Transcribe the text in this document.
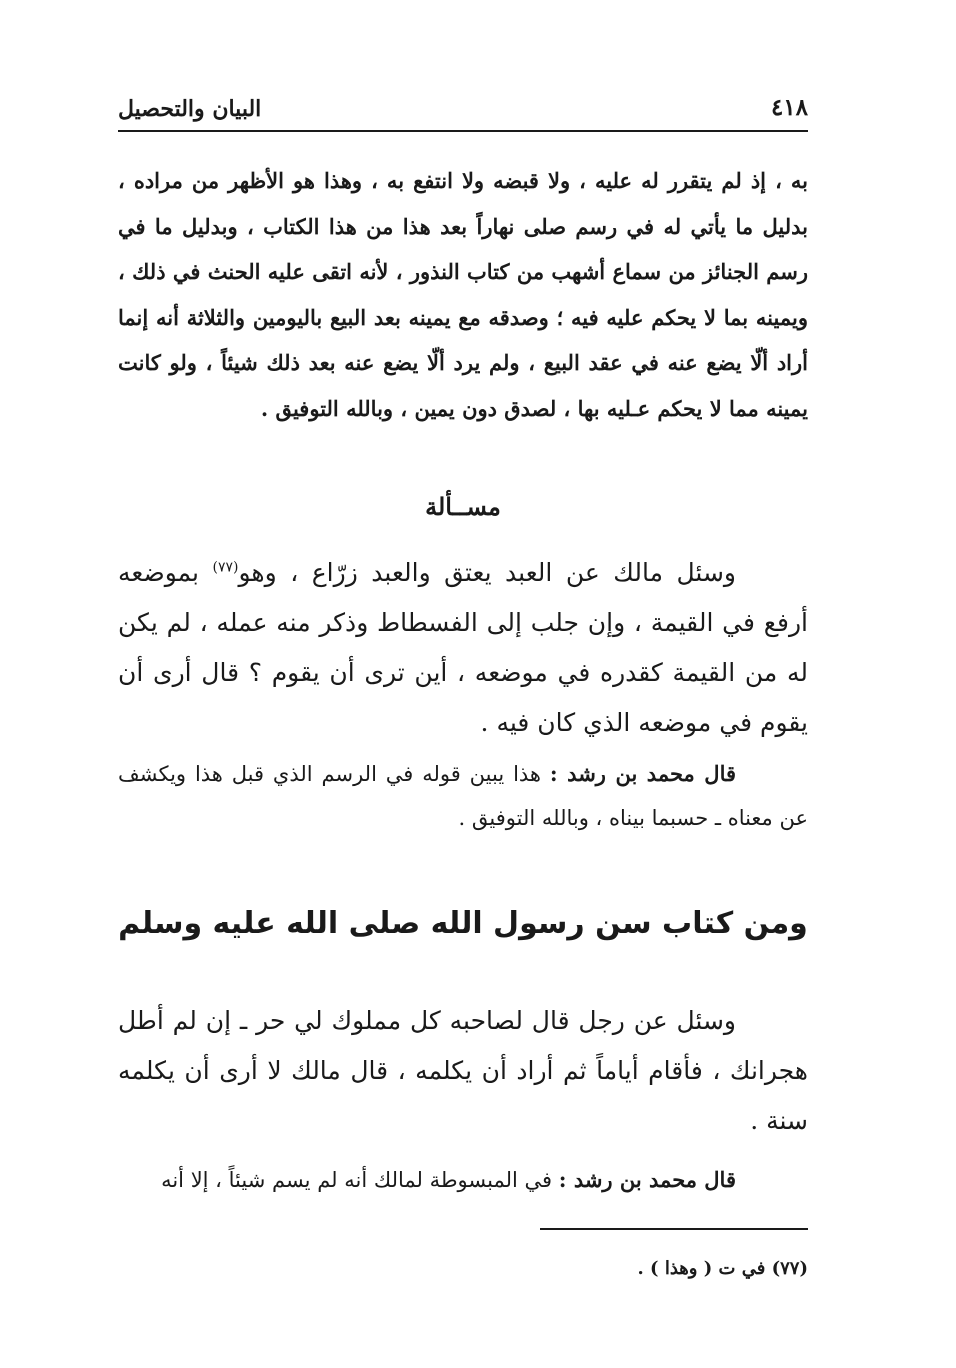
البيان والتحصيل	٤١٨
به ، إذ لم يتقرر له عليه ، ولا قبضه ولا انتفع به ، وهذا هو الأظهر من مراده ، بدليل ما يأتي له في رسم صلى نهاراً بعد هذا من هذا الكتاب ، وبدليل ما في رسم الجنائز من سماع أشهب من كتاب النذور ، لأنه اتقى عليه الحنث في ذلك ، ويمينه بما لا يحكم عليه فيه ؛ وصدقه مع يمينه بعد البيع باليومين والثلاثة أنه إنما أراد ألّا يضع عنه في عقد البيع ، ولم يرد ألّا يضع عنه بعد ذلك شيئاً ، ولو كانت يمينه مما لا يحكم عـليه بها ، لصدق دون يمين ، وبالله التوفيق .
مســألة
وسئل مالك عن العبد يعتق والعبد زرّاع ، وهو$^{(٧٧)}$ بموضعه أرفع في القيمة ، وإن جلب إلى الفسطاط وذكر منه عمله ، لم يكن له من القيمة كقدره في موضعه ، أين ترى أن يقوم ؟ قال أرى أن يقوم في موضعه الذي كان فيه .
قال محمد بن رشد : هذا يبين قوله في الرسم الذي قبل هذا ويكشف عن معناه ـ حسبما بيناه ، وبالله التوفيق .
ومن كتاب سن رسول الله صلى الله عليه وسلم
وسئل عن رجل قال لصاحبه كل مملوك لي حر ـ إن لم أطل هجرانك ، فأقام أياماً ثم أراد أن يكلمه ، قال مالك لا أرى أن يكلمه سنة .
قال محمد بن رشد : في المبسوطة لمالك أنه لم يسم شيئاً ، إلا أنه
(٧٧) في ت ( وهذا ) .
